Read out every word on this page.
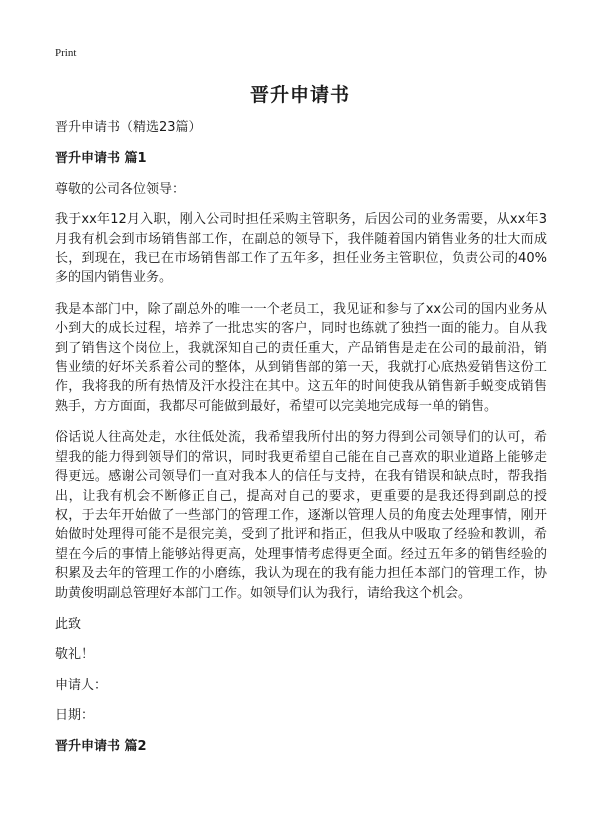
Print
晋升申请书

晋升申请书（精选23篇）

晋升申请书 篇1

尊敬的公司各位领导：

我于xx年12月入职，刚入公司时担任采购主管职务，后因公司的业务需要，从xx年3月我有机会到市场销售部工作，在副总的领导下，我伴随着国内销售业务的壮大而成长，到现在，我已在市场销售部工作了五年多，担任业务主管职位，负责公司的40%多的国内销售业务。

我是本部门中，除了副总外的唯一一个老员工，我见证和参与了xx公司的国内业务从小到大的成长过程，培养了一批忠实的客户，同时也练就了独挡一面的能力。自从我到了销售这个岗位上，我就深知自己的责任重大，产品销售是走在公司的最前沿，销售业绩的好坏关系着公司的整体，从到销售部的第一天，我就打心底热爱销售这份工作，我将我的所有热情及汗水投注在其中。这五年的时间使我从销售新手蜕变成销售熟手，方方面面，我都尽可能做到最好，希望可以完美地完成每一单的销售。

俗话说人往高处走，水往低处流，我希望我所付出的努力得到公司领导们的认可，希望我的能力得到领导们的常识，同时我更希望自己能在自己喜欢的职业道路上能够走得更远。感谢公司领导们一直对我本人的信任与支持，在我有错误和缺点时，帮我指出，让我有机会不断修正自己，提高对自己的要求，更重要的是我还得到副总的授权，于去年开始做了一些部门的管理工作，逐渐以管理人员的角度去处理事情，刚开始做时处理得可能不是很完美，受到了批评和指正，但我从中吸取了经验和教训，希望在今后的事情上能够站得更高，处理事情考虑得更全面。经过五年多的销售经验的积累及去年的管理工作的小磨练，我认为现在的我有能力担任本部门的管理工作，协助黄俊明副总管理好本部门工作。如领导们认为我行，请给我这个机会。

此致

敬礼！

申请人：

日期：

晋升申请书 篇2
